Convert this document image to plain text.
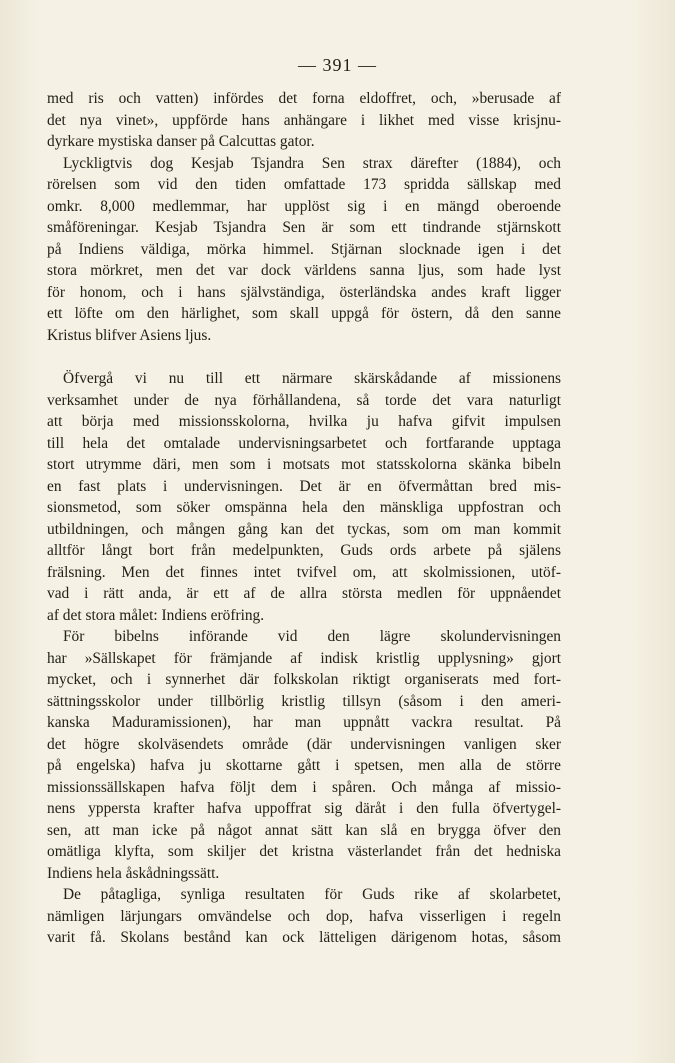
— 391 —
med ris och vatten) infördes det forna eldoffret, och, »berusade af
det nya vinet», uppförde hans anhängare i likhet med visse krisjnu-
dyrkare mystiska danser på Calcuttas gator.
Lyckligtvis dog Kesjab Tsjandra Sen strax därefter (1884), och
rörelsen som vid den tiden omfattade 173 spridda sällskap med
omkr. 8,000 medlemmar, har upplöst sig i en mängd oberoende
småföreningar. Kesjab Tsjandra Sen är som ett tindrande stjärnskott
på Indiens väldiga, mörka himmel. Stjärnan slocknade igen i det
stora mörkret, men det var dock världens sanna ljus, som hade lyst
för honom, och i hans självständiga, österländska andes kraft ligger
ett löfte om den härlighet, som skall uppgå för östern, då den sanne
Kristus blifver Asiens ljus.
Öfvergå vi nu till ett närmare skärskådande af missionens
verksamhet under de nya förhållandena, så torde det vara naturligt
att börja med missionsskolorna, hvilka ju hafva gifvit impulsen
till hela det omtalade undervisningsarbetet och fortfarande upptaga
stort utrymme däri, men som i motsats mot statsskolorna skänka bibeln
en fast plats i undervisningen. Det är en öfvermåttan bred mis-
sionsmetod, som söker omspänna hela den mänskliga uppfostran och
utbildningen, och mången gång kan det tyckas, som om man kommit
alltför långt bort från medelpunkten, Guds ords arbete på själens
frälsning. Men det finnes intet tvifvel om, att skolmissionen, utöf-
vad i rätt anda, är ett af de allra största medlen för uppnåendet
af det stora målet: Indiens eröfring.
För bibelns införande vid den lägre skolundervisningen
har »Sällskapet för främjande af indisk kristlig upplysning» gjort
mycket, och i synnerhet där folkskolan riktigt organiserats med fort-
sättningsskolor under tillbörlig kristlig tillsyn (såsom i den ameri-
kanska Maduramissionen), har man uppnått vackra resultat. På
det högre skolväsendets område (där undervisningen vanligen sker
på engelska) hafva ju skottarne gått i spetsen, men alla de större
missionssällskapen hafva följt dem i spåren. Och många af missio-
nens yppersta krafter hafva uppoffrat sig däråt i den fulla öfvertygel-
sen, att man icke på något annat sätt kan slå en brygga öfver den
omätliga klyfta, som skiljer det kristna västerlandet från det hedniska
Indiens hela åskådningssätt.
De påtagliga, synliga resultaten för Guds rike af skolarbetet,
nämligen lärjungars omvändelse och dop, hafva visserligen i regeln
varit få. Skolans bestånd kan ock lätteligen därigenom hotas, såsom
